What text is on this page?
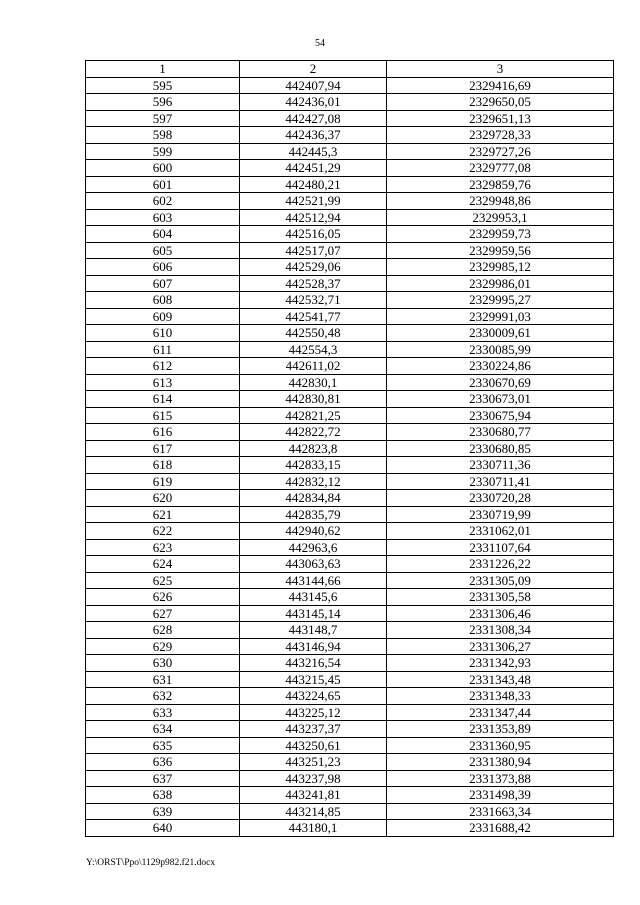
54
1	2	3
595	442407,94	2329416,69
596	442436,01	2329650,05
597	442427,08	2329651,13
598	442436,37	2329728,33
599	442445,3	2329727,26
600	442451,29	2329777,08
601	442480,21	2329859,76
602	442521,99	2329948,86
603	442512,94	2329953,1
604	442516,05	2329959,73
605	442517,07	2329959,56
606	442529,06	2329985,12
607	442528,37	2329986,01
608	442532,71	2329995,27
609	442541,77	2329991,03
610	442550,48	2330009,61
611	442554,3	2330085,99
612	442611,02	2330224,86
613	442830,1	2330670,69
614	442830,81	2330673,01
615	442821,25	2330675,94
616	442822,72	2330680,77
617	442823,8	2330680,85
618	442833,15	2330711,36
619	442832,12	2330711,41
620	442834,84	2330720,28
621	442835,79	2330719,99
622	442940,62	2331062,01
623	442963,6	2331107,64
624	443063,63	2331226,22
625	443144,66	2331305,09
626	443145,6	2331305,58
627	443145,14	2331306,46
628	443148,7	2331308,34
629	443146,94	2331306,27
630	443216,54	2331342,93
631	443215,45	2331343,48
632	443224,65	2331348,33
633	443225,12	2331347,44
634	443237,37	2331353,89
635	443250,61	2331360,95
636	443251,23	2331380,94
637	443237,98	2331373,88
638	443241,81	2331498,39
639	443214,85	2331663,34
640	443180,1	2331688,42
Y:\ORST\Ppo\1129p982.f21.docx
